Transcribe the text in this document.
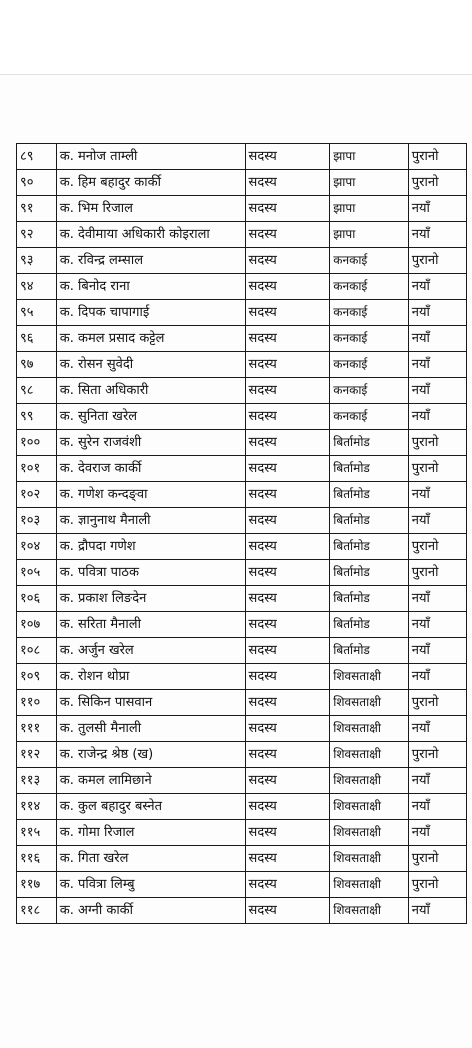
८९	क. मनोज ताम्ली	सदस्य	झापा	पुरानो
९०	क. हिम बहादुर कार्की	सदस्य	झापा	पुरानो
९१	क. भिम रिजाल	सदस्य	झापा	नयाँ
९२	क. देवीमाया अधिकारी कोइराला	सदस्य	झापा	नयाँ
९३	क. रविन्द्र लम्साल	सदस्य	कनकाई	पुरानो
९४	क. बिनोद राना	सदस्य	कनकाई	नयाँ
९५	क. दिपक चापागाई	सदस्य	कनकाई	नयाँ
९६	क. कमल प्रसाद कट्टेल	सदस्य	कनकाई	नयाँ
९७	क. रोसन सुवेदी	सदस्य	कनकाई	नयाँ
९८	क. सिता अधिकारी	सदस्य	कनकाई	नयाँ
९९	क. सुनिता खरेल	सदस्य	कनकाई	नयाँ
१००	क. सुरेन राजवंशी	सदस्य	बिर्तामोड	पुरानो
१०१	क. देवराज कार्की	सदस्य	बिर्तामोड	पुरानो
१०२	क. गणेश कन्दङ्वा	सदस्य	बिर्तामोड	नयाँ
१०३	क. ज्ञानुनाथ मैनाली	सदस्य	बिर्तामोड	नयाँ
१०४	क. द्रौपदा गणेश	सदस्य	बिर्तामोड	पुरानो
१०५	क. पवित्रा पाठक	सदस्य	बिर्तामोड	पुरानो
१०६	क. प्रकाश लिङदेन	सदस्य	बिर्तामोड	नयाँ
१०७	क. सरिता मैनाली	सदस्य	बिर्तामोड	नयाँ
१०८	क. अर्जुन खरेल	सदस्य	बिर्तामोड	नयाँ
१०९	क. रोशन थोप्रा	सदस्य	शिवसताक्षी	नयाँ
११०	क. सिकिन पासवान	सदस्य	शिवसताक्षी	पुरानो
१११	क. तुलसी मैनाली	सदस्य	शिवसताक्षी	नयाँ
११२	क. राजेन्द्र श्रेष्ठ (ख)	सदस्य	शिवसताक्षी	पुरानो
११३	क. कमल लामिछाने	सदस्य	शिवसताक्षी	नयाँ
११४	क. कुल बहादुर बस्नेत	सदस्य	शिवसताक्षी	नयाँ
११५	क. गोमा रिजाल	सदस्य	शिवसताक्षी	नयाँ
११६	क. गिता खरेल	सदस्य	शिवसताक्षी	पुरानो
११७	क. पवित्रा लिम्बु	सदस्य	शिवसताक्षी	पुरानो
११८	क. अग्नी कार्की	सदस्य	शिवसताक्षी	नयाँ
